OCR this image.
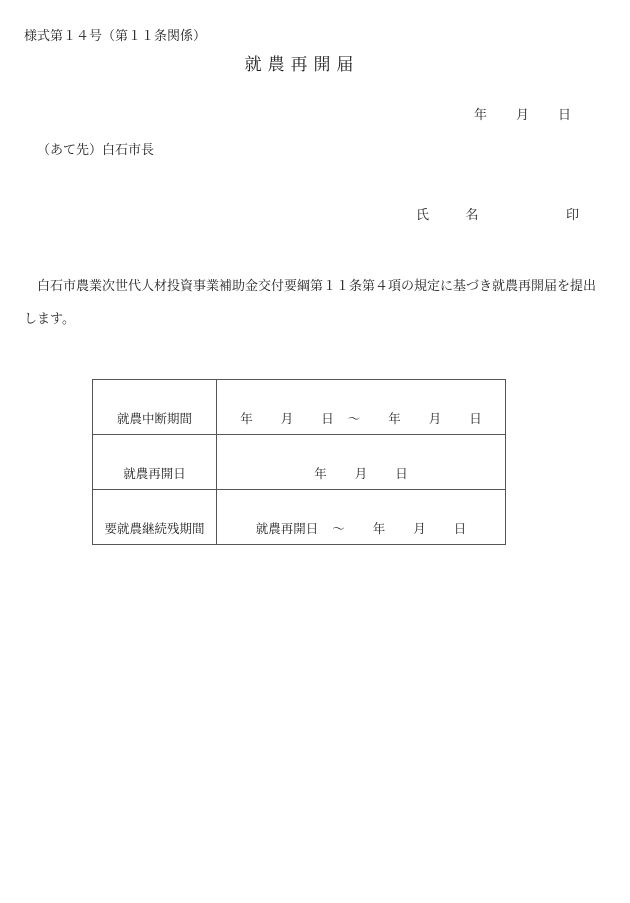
様式第１４号（第１１条関係）
就農再開届
年 月 日
（あて先）白石市長
氏　名	印
白石市農業次世代人材投資事業補助金交付要綱第１１条第４項の規定に基づき就農再開届を提出
します。
就農中断期間	年 月 日 ～ 年 月 日
就農再開日	年 月 日
要就農継続残期間	就農再開日 ～ 年 月 日
